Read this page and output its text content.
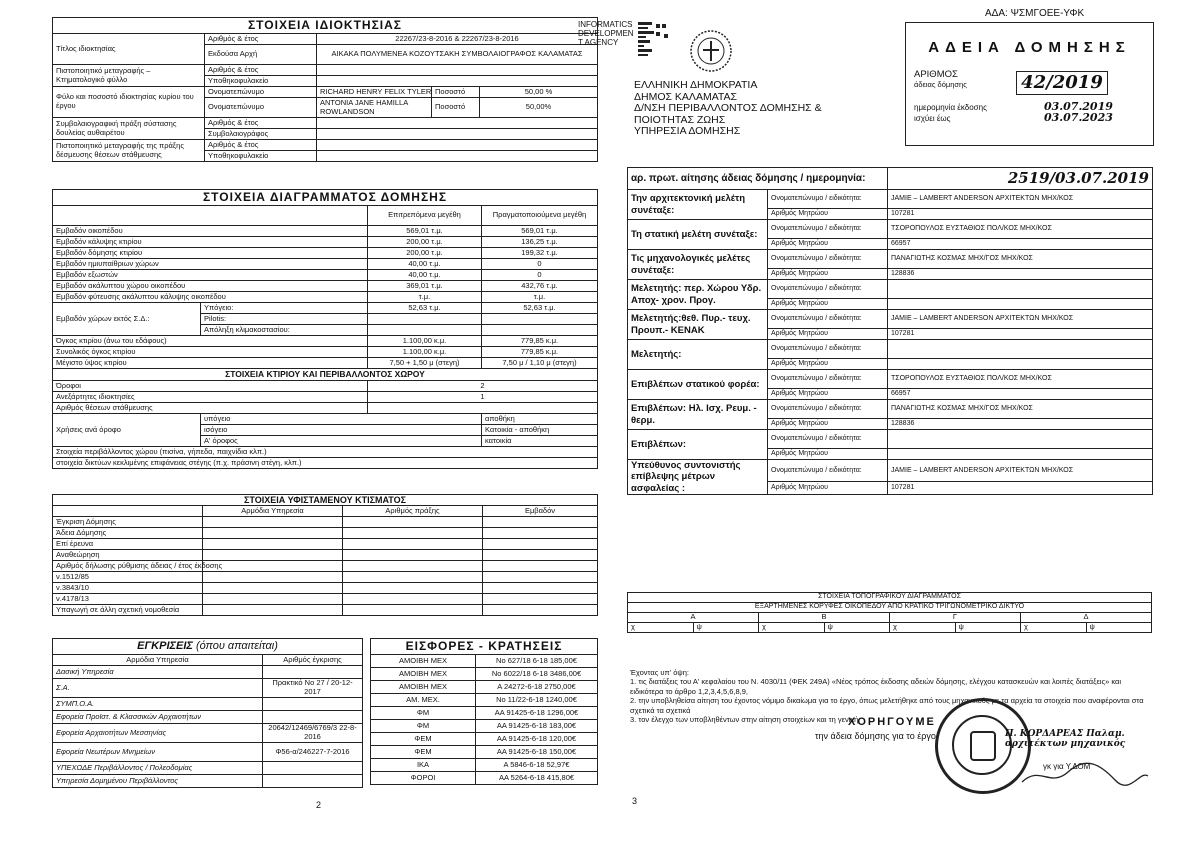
ΑΔΑ: ΨΣΜΓΟΕΕ-ΥΦΚ
ΣΤΟΙΧΕΙΑ ΙΔΙΟΚΤΗΣΙΑΣ				
Τίτλος ιδιοκτησίας	Αριθμός & έτος	22267/23-8-2016 & 22267/23-8-2016		
	Εκδούσα Αρχή	ΑΙΚΑΚΑ ΠΟΛΥΜΕΝΕΑ ΚΟΖΟΥΤΣΑΚΗ ΣΥΜΒΟΛΑΙΟΓΡΑΦΟΣ ΚΑΛΑΜΑΤΑΣ		
Πιστοποιητικό μεταγραφής – Κτηματολογικό φύλλο	Αριθμός & έτος			
	Υποθηκοφυλακείο			
Φύλο και ποσοστό ιδιοκτησίας κυρίου του έργου	Ονοματεπώνυμο	RICHARD HENRY FELIX TYLER	Ποσοστό	50,00 %
	Ονοματεπώνυμο	ANTONIA JANE HAMILLA ROWLANDSON	Ποσοστό	50,00%
Συμβολαιογραφική πράξη σύστασης δουλείας αυθαιρέτου	Αριθμός & έτος			
	Συμβολαιογράφος			
Πιστοποιητικό μεταγραφής της πράξης δέσμευσης θέσεων στάθμευσης	Αριθμός & έτος			
	Υποθηκοφυλακείο			
INFORMATICS DEVELOPMEN T AGENCY
ΕΛΛΗΝΙΚΗ ΔΗΜΟΚΡΑΤΙΑ
ΔΗΜΟΣ ΚΑΛΑΜΑΤΑΣ
Δ/ΝΣΗ ΠΕΡΙΒΑΛΛΟΝΤΟΣ ΔΟΜΗΣΗΣ & ΠΟΙΟΤΗΤΑΣ ΖΩΗΣ
ΥΠΗΡΕΣΙΑ ΔΟΜΗΣΗΣ
ΑΔΕΙΑ ΔΟΜΗΣΗΣ
ΑΡΙΘΜΟΣ
άδειας δόμησης	42/2019
ημερομηνία έκδοσης	03.07.2019
ισχύει έως	03.07.2023
αρ. πρωτ. αίτησης άδειας δόμησης / ημερομηνία:		2519/03.07.2019
Την αρχιτεκτονική μελέτη συνέταξε:	Ονοματεπώνυμο / ειδικότητα:	JAMIE – LAMBERT ANDERSON ΑΡΧΙΤΕΚΤΩΝ ΜΗΧ/ΚΟΣ
	Αριθμός Μητρώου	107281
Τη στατική μελέτη συνέταξε:	Ονοματεπώνυμο / ειδικότητα:	ΤΣΟΡΟΠΟΥΛΟΣ ΕΥΣΤΑΘΙΟΣ ΠΟΛ/ΚΟΣ ΜΗΧ/ΚΟΣ
	Αριθμός Μητρώου	66957
Τις μηχανολογικές μελέτες συνέταξε:	Ονοματεπώνυμο / ειδικότητα:	ΠΑΝΑΓΙΩΤΗΣ ΚΟΣΜΑΣ ΜΗΧ/ΓΟΣ ΜΗΧ/ΚΟΣ
	Αριθμός Μητρώου	128836
Μελετητής: περ. Χώρου Υδρ. Αποχ- χρον. Προγ.	Ονοματεπώνυμο / ειδικότητα:	
	Αριθμός Μητρώου	
Μελετητής:θεθ. Πυρ.- τευχ. Προυπ.- ΚΕΝΑΚ	Ονοματεπώνυμο / ειδικότητα:	JAMIE – LAMBERT ANDERSON ΑΡΧΙΤΕΚΤΩΝ ΜΗΧ/ΚΟΣ
	Αριθμός Μητρώου	107281
Μελετητής:	Ονοματεπώνυμο / ειδικότητα:	
	Αριθμός Μητρώου	
Επιβλέπων στατικού φορέα:	Ονοματεπώνυμο / ειδικότητα:	ΤΣΟΡΟΠΟΥΛΟΣ ΕΥΣΤΑΘΙΟΣ ΠΟΛ/ΚΟΣ ΜΗΧ/ΚΟΣ
	Αριθμός Μητρώου	66957
Επιβλέπων: Ηλ. Ισχ. Ρευμ. - θερμ.	Ονοματεπώνυμο / ειδικότητα:	ΠΑΝΑΓΙΩΤΗΣ ΚΟΣΜΑΣ ΜΗΧ/ΓΟΣ ΜΗΧ/ΚΟΣ
	Αριθμός Μητρώου	128836
Επιβλέπων:	Ονοματεπώνυμο / ειδικότητα:	
	Αριθμός Μητρώου	
Υπεύθυνος συντονιστής επίβλεψης μέτρων ασφαλείας :	Ονοματεπώνυμο / ειδικότητα:	JAMIE – LAMBERT ANDERSON ΑΡΧΙΤΕΚΤΩΝ ΜΗΧ/ΚΟΣ
	Αριθμός Μητρώου	107281
ΣΤΟΙΧΕΙΑ ΔΙΑΓΡΑΜΜΑΤΟΣ ΔΟΜΗΣΗΣ			
		Επιτρεπόμενα μεγέθη	Πραγματοποιούμενα μεγέθη
Εμβαδόν οικοπέδου		569,01 τ.μ.	569,01 τ.μ.
Εμβαδόν κάλυψης κτιρίου		200,00 τ.μ.	136,25 τ.μ.
Εμβαδόν δόμησης κτιρίου		200,00 τ.μ.	199,32 τ.μ.
Εμβαδόν ημιυπαίθριων χώρων		40,00 τ.μ.	0
Εμβαδόν εξωστών		40,00 τ.μ.	0
Εμβαδόν ακάλυπτου χώρου οικοπέδου		369,01 τ.μ.	432,76 τ.μ.
Εμβαδόν φύτευσης ακάλυπτου κάλυψης οικοπέδου		τ.μ.	τ.μ.
Εμβαδόν χώρων εκτός Σ.Δ.:	Υπόγειο:	52,63 τ.μ.	52,63 τ.μ.
	Pilotis:		
	Απόληξη κλιμακοστασίου:		
Όγκος κτιρίου (άνω του εδάφους)		1.100,00 κ.μ.	779,85 κ.μ.
Συνολικός όγκος κτιρίου		1.100,00 κ.μ.	779,85 κ.μ.
Μέγιστο ύψος κτιρίου		7,50 + 1,50 μ (στεγη)	7,50 μ / 1,10 μ (στεγη)
ΣΤΟΙΧΕΙΑ ΚΤΙΡΙΟΥ ΚΑΙ ΠΕΡΙΒΑΛΛΟΝΤΟΣ ΧΩΡΟΥ			
Όροφοι		2	
Ανεξάρτητες ιδιοκτησίες		1	
Αριθμός θέσεων στάθμευσης			
Χρήσεις ανά όροφο	υπόγειο		αποθήκη
	ισόγειο		Κατοικία - αποθήκη
	Α' όροφος		κατοικία
Στοιχεία περιβάλλοντος χώρου (πισίνα, γήπεδα, παιχνίδια κλπ.)			
στοιχεία δικτύων κεκλιμένης επιφάνειας στέγης (π.χ. πράσινη στέγη, κλπ.)			
ΣΤΟΙΧΕΙΑ ΥΦΙΣΤΑΜΕΝΟΥ ΚΤΙΣΜΑΤΟΣ			
	Αρμόδια Υπηρεσία	Αριθμός πράξης	Εμβαδόν
Έγκριση Δόμησης			
Άδεια Δόμησης			
Επί έρευνα			
Αναθεώρηση			
Αριθμός δήλωσης ρύθμισης άδειας / έτος έκδοσης			
ν.1512/85			
ν.3843/10			
ν.4178/13			
Υπαγωγή σε άλλη σχετική νομοθεσία			
ΕΓΚΡΙΣΕΙΣ (όπου απαιτείται)	
Αρμόδια Υπηρεσία	Αριθμός έγκρισης
Δασική Υπηρεσία	
Σ.Α.	Πρακτικό Νο 27 / 20-12-2017
ΣΥΜΠ.Ο.Α.	
Εφορεία Προϊστ. & Κλασσικών Αρχαιοτήτων	
Εφορεία Αρχαιοτήτων Μεσσηνίας	20642/12469/6769/3 22-8-2016
Εφορεία Νεωτέρων Μνημείων	Φ56-α/246227-7-2016
ΥΠΕΧΩΔΕ Περιβάλλοντος / Πολεοδομίας	
Υπηρεσία Δομημένου Περιβάλλοντος	
ΕΙΣΦΟΡΕΣ - ΚΡΑΤΗΣΕΙΣ	
ΑΜΟΙΒΗ ΜΕΧ	Νο 627/18 6-18 185,00€
ΑΜΟΙΒΗ ΜΕΧ	Νο 6022/18 6-18 3486,00€
ΑΜΟΙΒΗ ΜΕΧ	Α 24272-6-18 2750,00€
ΑΜ. ΜΕΧ.	Νο 11/22-6-18 1240,00€
ΦΜ	ΑΑ 91425-6-18 1296,00€
ΦΜ	ΑΑ 91425-6-18 183,00€
ΦΕΜ	ΑΑ 91425-6-18 120,00€
ΦΕΜ	ΑΑ 91425-6-18 150,00€
ΙΚΑ	Α 5846-6-18 52,97€
ΦΟΡΟΙ	ΑΑ 5264-6-18 415,80€
2	3
ΣΤΟΙΧΕΙΑ ΤΟΠΟΓΡΑΦΙΚΟΥ ΔΙΑΓΡΑΜΜΑΤΟΣ							
ΕΞΑΡΤΗΜΕΝΕΣ ΚΟΡΥΦΕΣ ΟΙΚΟΠΕΔΟΥ ΑΠΟ ΚΡΑΤΙΚΟ ΤΡΙΓΩΝΟΜΕΤΡΙΚΟ ΔΙΚΤΥΟ							
Α		Β		Γ		Δ	
χ	ψ	χ	ψ	χ	ψ	χ	ψ
Έχοντας υπ' όψη:
1. τις διατάξεις του Α' κεφαλαίου του Ν. 4030/11 (ΦΕΚ 249Α) «Νέος τρόπος έκδοσης αδειών δόμησης, ελέγχου κατασκευών και λοιπές διατάξεις» και ειδικότερα το άρθρο 1,2,3,4,5,6,8,9,
2. την υποβληθείσα αίτηση του έχοντος νόμιμο δικαίωμα για το έργο, όπως μελετήθηκε από τους μηχανικούς με τα αρχεία τα στοιχεία που αναφέρονται στα σχετικά τα σχετικά
3. τον έλεγχο των υποβληθέντων στην αίτηση στοιχείων και τη γενική
ΧΟΡΗΓΟΥΜΕ
την άδεια δόμησης για το έργο	Π. ΚΟΡΔΑΡΕΑΣ Παλαμ. αρχιτέκτων μηχανικός
γκ για Υ.ΔΟΜ
